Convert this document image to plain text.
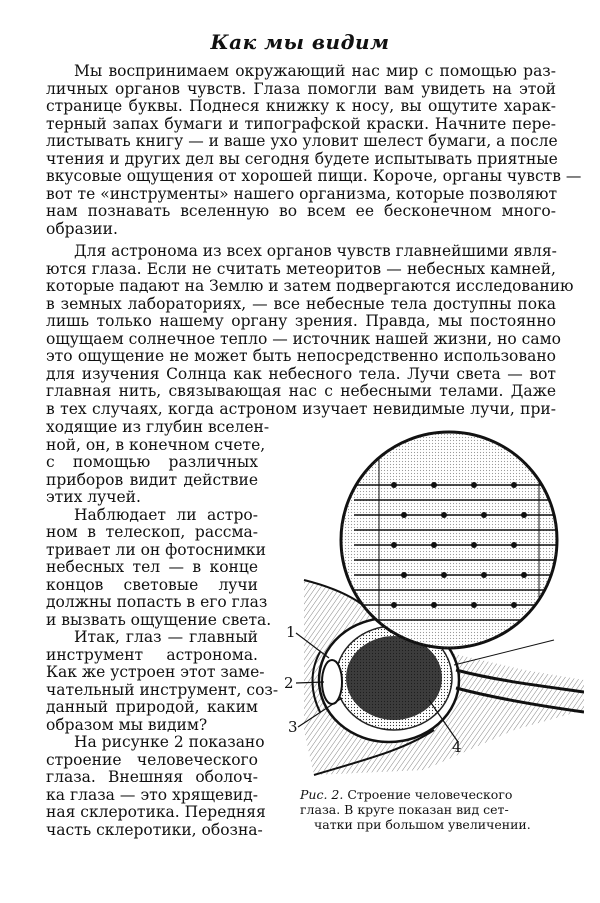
Как мы видим
Мы воспринимаем окружающий нас мир с помощью раз-
личных органов чувств. Глаза помогли вам увидеть на этой
странице буквы. Поднеся книжку к носу, вы ощутите харак-
терный запах бумаги и типографской краски. Начните пере-
листывать книгу — и ваше ухо уловит шелест бумаги, а после
чтения и других дел вы сегодня будете испытывать приятные
вкусовые ощущения от хорошей пищи. Короче, органы чувств —
вот те «инструменты» нашего организма, которые позволяют
нам познавать вселенную во всем ее бесконечном много-
образии.
Для астронома из всех органов чувств главнейшими явля-
ются глаза. Если не считать метеоритов — небесных камней,
которые падают на Землю и затем подвергаются исследованию
в земных лабораториях, — все небесные тела доступны пока
лишь только нашему органу зрения. Правда, мы постоянно
ощущаем солнечное тепло — источник нашей жизни, но само
это ощущение не может быть непосредственно использовано
для изучения Солнца как небесного тела. Лучи света — вот
главная нить, связывающая нас с небесными телами. Даже
в тех случаях, когда астроном изучает невидимые лучи, при-
ходящие из глубин вселен-
ной, он, в конечном счете,
с помощью различных
приборов видит действие
этих лучей.
Наблюдает ли астро-
ном в телескоп, рассма-
тривает ли он фотоснимки
небесных тел — в конце
концов световые лучи
должны попасть в его глаз
и вызвать ощущение света.
Итак, глаз — главный
инструмент астронома.
Как же устроен этот заме-
чательный инструмент, соз-
данный природой, каким
образом мы видим?
На рисунке 2 показано
строение человеческого
глаза. Внешняя оболоч-
ка глаза — это хрящевид-
ная склеротика. Передняя
часть склеротики, обозна-
1
2
3
4
Рис. 2. Строение человеческого
глаза. В круге показан вид сет-
чатки при большом увеличении.
